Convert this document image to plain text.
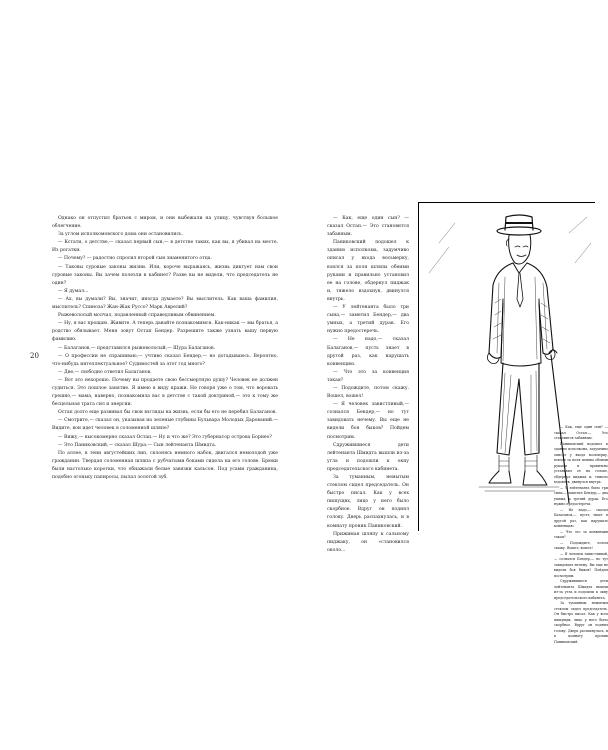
20

Однако он отпустил братьев с миром, и они выбежали на улицу, чувствуя большое облегчение.

За углом исполкомовского дома они остановились.

— Кстати, о детстве,— сказал первый сын,— в детстве таких, как вы, я убивал на месте. Из рогатки.

— Почему? — радостно спросил второй сын знаменитого отца.

— Таковы суровые законы жизни. Или, короче выражаясь, жизнь диктует нам свои суровые законы. Вы зачем полезли в кабинет? Разве вы не видели, что председатель не один?

— Я думал...

— Ах, вы думали? Вы, значит, иногда думаете? Вы мыслитель. Как ваша фамилия, мыслитель? Спиноза? Жан-Жак Руссо? Марк Аврелий?

Рыжеволосый молчал, подавленный справедливым обвинением.

— Ну, я вас прощаю. Живите. А теперь давайте познакомимся. Как-никак — мы братья, а родство обязывает. Меня зовут Остап Бендер. Разрешите также узнать вашу первую фамилию.

— Балаганов,— представился рыжеволосый,— Шура Балаганов.

— О профессии не спрашиваю,— учтиво сказал Бендер,— но догадываюсь. Вероятно, что-нибудь интеллектуальное? Судимостей за этот год много?

— Две,— свободно ответил Балаганов.

— Вот это нехорошо. Почему вы продаете свою бессмертную душу? Человек не должен судиться. Это пошлое занятие. Я имею в виду кражи. Не говоря уже о том, что воровать грешно,— мама, наверно, познакомила вас в детстве с такой доктриной,— это к тому же бесцельная трата сил и энергии.

Остап долго еще развивал бы свои взгляды на жизнь, если бы его не перебил Балаганов.

— Смотрите,— сказал он, указывая на зеленые глубины Бульвара Молодых Дарований.— Видите, вон идет человек в соломенной шляпе?

— Вижу,— высокомерно сказал Остап.— Ну и что же? Это губернатор острова Борнео?

— Это Паниковский,— сказал Шура.— Сын лейтенанта Шмидта.

По аллее, в тени августейших лип, склонясь немного набок, двигался немолодой уже гражданин. Твердая соломенная шляпа с рубчатыми боками сидела на его голове. Брюки были настолько коротки, что обнажали белые завязки кальсон. Под усами гражданина, подобно огоньку папиросы, пылал золотой зуб.

— Как, еще один сын? — сказал Остап.— Это становится забавным.

Паниковский подошел к зданию исполкома, задумчиво описал у входа восьмерку, взялся за поля шляпы обеими руками и правильно установил ее на голове, обдернул пиджак и, тяжело вздохнув, двинулся внутрь.

— У лейтенанта было три сына,— заметил Бендер,— два умных, а третий дурак. Его нужно предостеречь.

— Не надо,— сказал Балаганов,— пусть знает в другой раз, как нарушать конвенцию.

— Что это за конвенция такая?

— Подождите, потом скажу. Вошел, вошел!

— Я человек завистливый,— сознался Бендер,— но тут завидовать нечему. Вы еще не видели боя быков? Пойдем посмотрим.

Сдружившиеся дети лейтенанта Шмидта вышли из-за угла и подошли к окну председательского кабинета.

За туманным, немытым стеклом сидел председатель. Он быстро писал. Как у всех пишущих, лицо у него было скорбное. Вдруг он поднял голову. Дверь распахнулась, и в комнату проник Паниковский.

Прижимая шляпу к сальному пиджаку, он «становился около...

— Как, еще один сын? — сказал Остап.— Это становится забавным.

Паниковский подошел к зданию исполкома, задумчиво описал у входа восьмерку, взялся за поля шляпы обеими руками и правильно установил ее на голове, обдернул пиджак и, тяжело вздохнув, двинулся внутрь.

— У лейтенанта было три сына,— заметил Бендер,— два умных, а третий дурак. Его нужно предостеречь.

— Не надо,— сказал Балаганов,— пусть знает в другой раз, как нарушать конвенцию.

— Что это за конвенция такая?

— Подождите, потом скажу. Вошел, вошел!

— Я человек завистливый,— сознался Бендер,— но тут завидовать нечему. Вы еще не видели боя быков? Пойдем посмотрим.

Сдружившиеся дети лейтенанта Шмидта вышли из-за угла и подошли к окну председательского кабинета.

За туманным, немытым стеклом сидел председатель. Он быстро писал. Как у всех пишущих, лицо у него было скорбное. Вдруг он поднял голову. Дверь распахнулась, и в комнату проник Паниковский.
